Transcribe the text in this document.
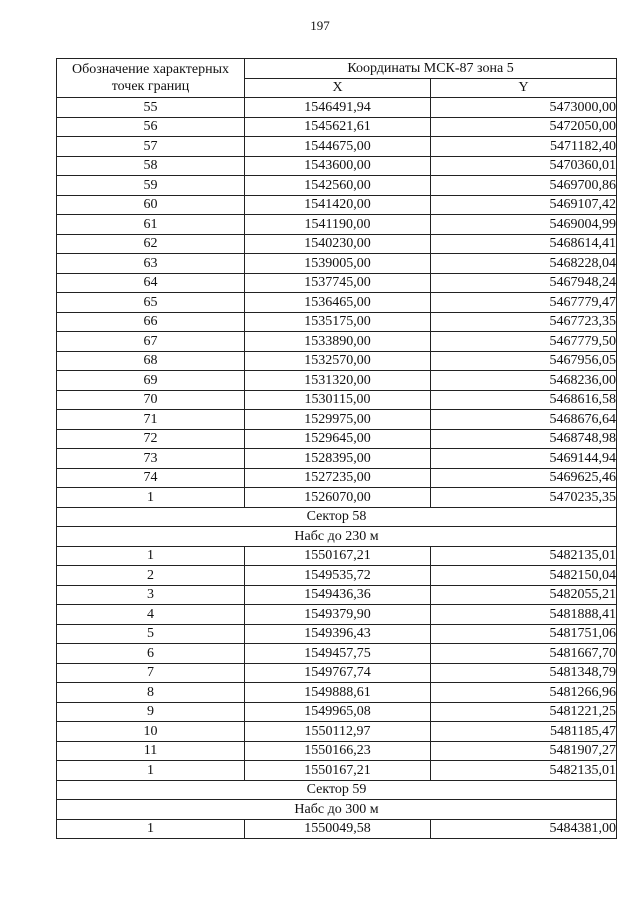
197
Обозначение характерных точек границ	Координаты МСК-87 зона 5	
	X	Y
55	1546491,94	5473000,00
56	1545621,61	5472050,00
57	1544675,00	5471182,40
58	1543600,00	5470360,01
59	1542560,00	5469700,86
60	1541420,00	5469107,42
61	1541190,00	5469004,99
62	1540230,00	5468614,41
63	1539005,00	5468228,04
64	1537745,00	5467948,24
65	1536465,00	5467779,47
66	1535175,00	5467723,35
67	1533890,00	5467779,50
68	1532570,00	5467956,05
69	1531320,00	5468236,00
70	1530115,00	5468616,58
71	1529975,00	5468676,64
72	1529645,00	5468748,98
73	1528395,00	5469144,94
74	1527235,00	5469625,46
1	1526070,00	5470235,35
Сектор 58		
Набс до 230 м		
1	1550167,21	5482135,01
2	1549535,72	5482150,04
3	1549436,36	5482055,21
4	1549379,90	5481888,41
5	1549396,43	5481751,06
6	1549457,75	5481667,70
7	1549767,74	5481348,79
8	1549888,61	5481266,96
9	1549965,08	5481221,25
10	1550112,97	5481185,47
11	1550166,23	5481907,27
1	1550167,21	5482135,01
Сектор 59		
Набс до 300 м		
1	1550049,58	5484381,00
